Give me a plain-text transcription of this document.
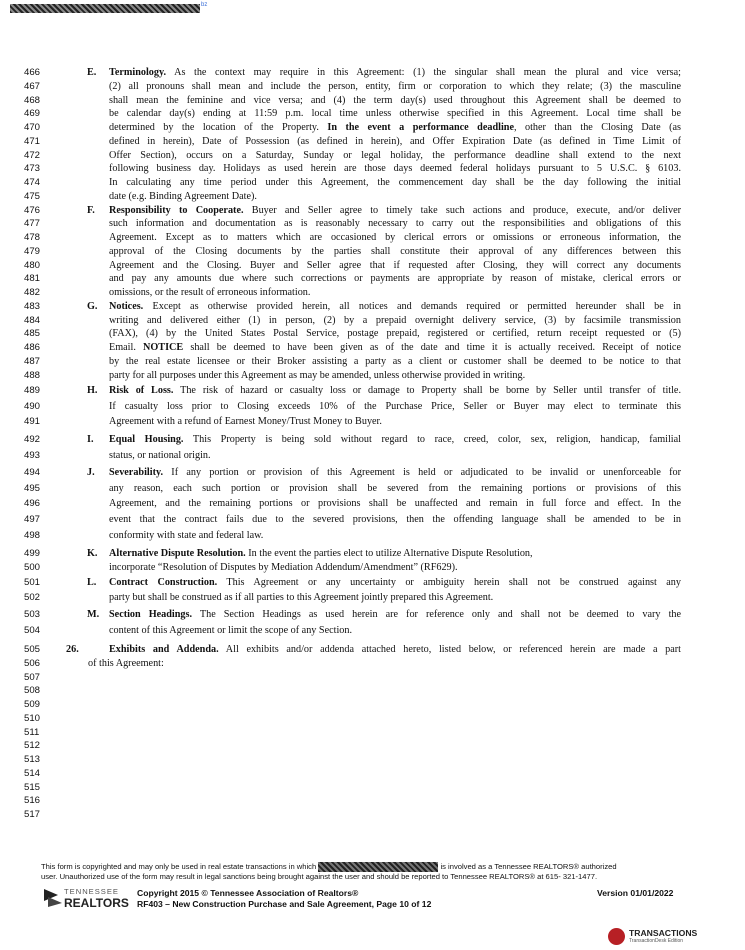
bz
466	E. Terminology. As the context may require in this Agreement: (1) the singular shall mean the plural and vice versa;
467	(2) all pronouns shall mean and include the person, entity, firm or corporation to which they relate; (3) the masculine
468	shall mean the feminine and vice versa; and (4) the term day(s) used throughout this Agreement shall be deemed to
469	be calendar day(s) ending at 11:59 p.m. local time unless otherwise specified in this Agreement. Local time shall be
470	determined by the location of the Property. In the event a performance deadline, other than the Closing Date (as
471	defined in herein), Date of Possession (as defined in herein), and Offer Expiration Date (as defined in Time Limit of
472	Offer Section), occurs on a Saturday, Sunday or legal holiday, the performance deadline shall extend to the next
473	following business day. Holidays as used herein are those days deemed federal holidays pursuant to 5 U.S.C. § 6103.
474	In calculating any time period under this Agreement, the commencement day shall be the day following the initial
475	date (e.g. Binding Agreement Date).
476	F. Responsibility to Cooperate. Buyer and Seller agree to timely take such actions and produce, execute, and/or deliver
477	such information and documentation as is reasonably necessary to carry out the responsibilities and obligations of this
478	Agreement. Except as to matters which are occasioned by clerical errors or omissions or erroneous information, the
479	approval of the Closing documents by the parties shall constitute their approval of any differences between this
480	Agreement and the Closing. Buyer and Seller agree that if requested after Closing, they will correct any documents
481	and pay any amounts due where such corrections or payments are appropriate by reason of mistake, clerical errors or
482	omissions, or the result of erroneous information.
483	G. Notices. Except as otherwise provided herein, all notices and demands required or permitted hereunder shall be in
484	writing and delivered either (1) in person, (2) by a prepaid overnight delivery service, (3) by facsimile transmission
485	(FAX), (4) by the United States Postal Service, postage prepaid, registered or certified, return receipt requested or (5)
486	Email. NOTICE shall be deemed to have been given as of the date and time it is actually received. Receipt of notice
487	by the real estate licensee or their Broker assisting a party as a client or customer shall be deemed to be notice to that
488	party for all purposes under this Agreement as may be amended, unless otherwise provided in writing.
489	H. Risk of Loss. The risk of hazard or casualty loss or damage to Property shall be borne by Seller until transfer of title.
490	If casualty loss prior to Closing exceeds 10% of the Purchase Price, Seller or Buyer may elect to terminate this
491	Agreement with a refund of Earnest Money/Trust Money to Buyer.
492	I. Equal Housing. This Property is being sold without regard to race, creed, color, sex, religion, handicap, familial
493	status, or national origin.
494	J. Severability. If any portion or provision of this Agreement is held or adjudicated to be invalid or unenforceable for
495	any reason, each such portion or provision shall be severed from the remaining portions or provisions of this
496	Agreement, and the remaining portions or provisions shall be unaffected and remain in full force and effect. In the
497	event that the contract fails due to the severed provisions, then the offending language shall be amended to be in
498	conformity with state and federal law.
499	K. Alternative Dispute Resolution. In the event the parties elect to utilize Alternative Dispute Resolution,
500	incorporate “Resolution of Disputes by Mediation Addendum/Amendment” (RF629).
501	L. Contract Construction. This Agreement or any uncertainty or ambiguity herein shall not be construed against any
502	party but shall be construed as if all parties to this Agreement jointly prepared this Agreement.
503	M. Section Headings. The Section Headings as used herein are for reference only and shall not be deemed to vary the
504	content of this Agreement or limit the scope of any Section.
505	26.	Exhibits and Addenda. All exhibits and/or addenda attached hereto, listed below, or referenced herein are made a part
506	of this Agreement:
507
508
509
510
511
512
513
514
515
516
517
This form is copyrighted and may only be used in real estate transactions in which	is involved as a Tennessee REALTORS® authorized
user. Unauthorized use of the form may result in legal sanctions being brought against the user and should be reported to Tennessee REALTORS® at 615- 321-1477.
TENNESSEE
REALTORS
Copyright 2015 © Tennessee Association of Realtors®
RF403 – New Construction Purchase and Sale Agreement, Page 10 of 12
Version 01/01/2022
TRANSACTIONS
TransactionDesk Edition
